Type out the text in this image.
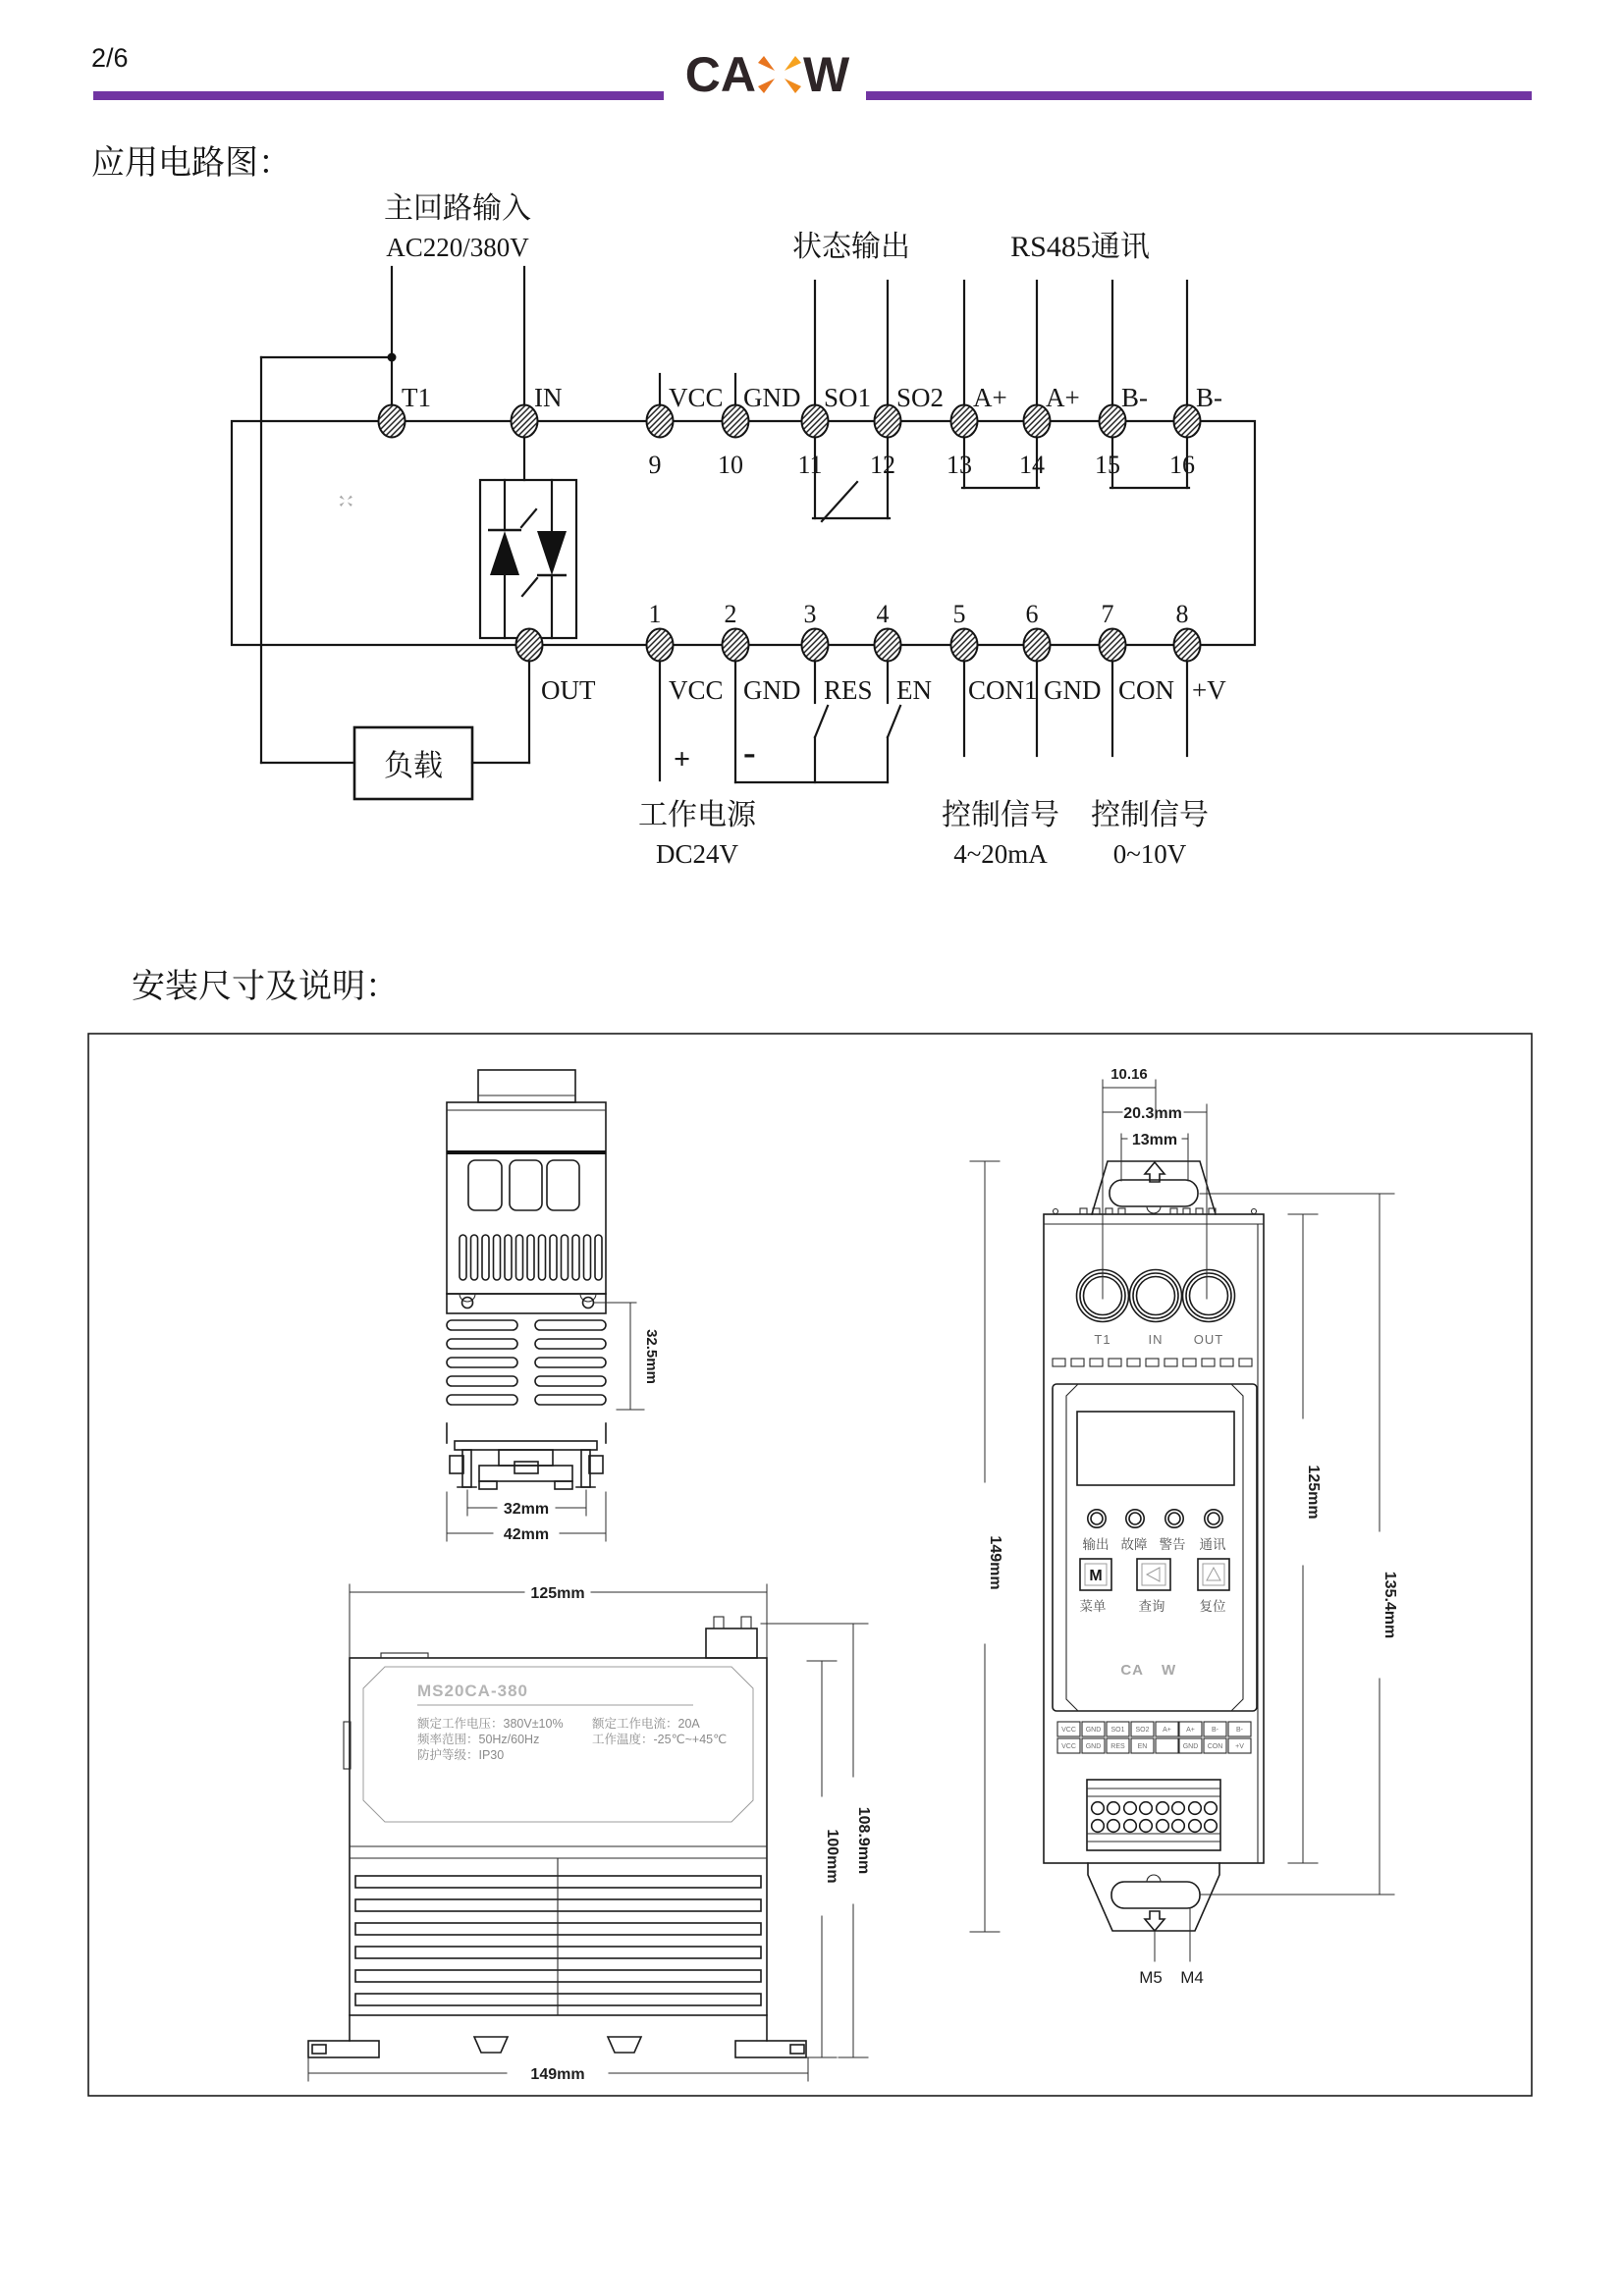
2/6	CA W
应用电路图：
主回路输入
AC220/380V	状态输出	RS485通讯
负载
T1	IN	VCC GND SO1 SO2 A+ A+ B- B-
9 10 11 12 13 14 15 16
1 2	3 4	5 6 7 8
OUT	VCC GND RES EN CON1 GND CON +V
+ -
工作电源
DC24V
控制信号
4~20mA
控制信号
0~10V
安装尺寸及说明：
32.5mm
32mm
42mm
125mm
MS20CA-380
额定工作电压：380V±10%
频率范围：50Hz/60Hz
防护等级：IP30
额定工作电流：20A
工作温度：-25℃~+45℃
100mm 108.9mm
149mm
T1	IN OUT
输出 故障 警告 通讯
M
菜单 查询	复位
CA W
VCC GND SO1 SO2 A+ A+ B-	B-
VCC GND RES EN	GND CON +V
M5 M4
10.16
20.3mm
13mm
149mm
125mm
135.4mm
